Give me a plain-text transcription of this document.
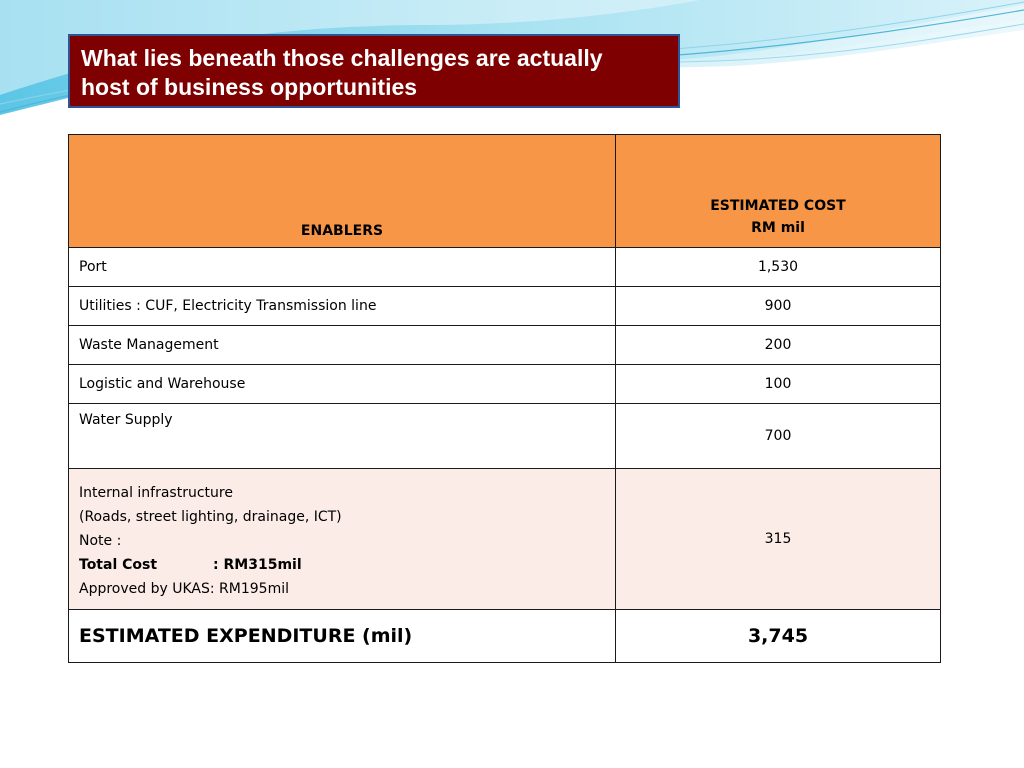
What lies beneath those challenges are actually
host of business opportunities
ENABLERS	ESTIMATED COST
RM mil

Port	1,530
Utilities : CUF, Electricity Transmission line	900
Waste Management	200
Logistic and Warehouse	100
Water Supply	700

Internal infrastructure
(Roads, street lighting, drainage, ICT)
Note :
Total Cost : RM315mil
Approved by UKAS: RM195mil	315
ESTIMATED EXPENDITURE (mil)	3,745
